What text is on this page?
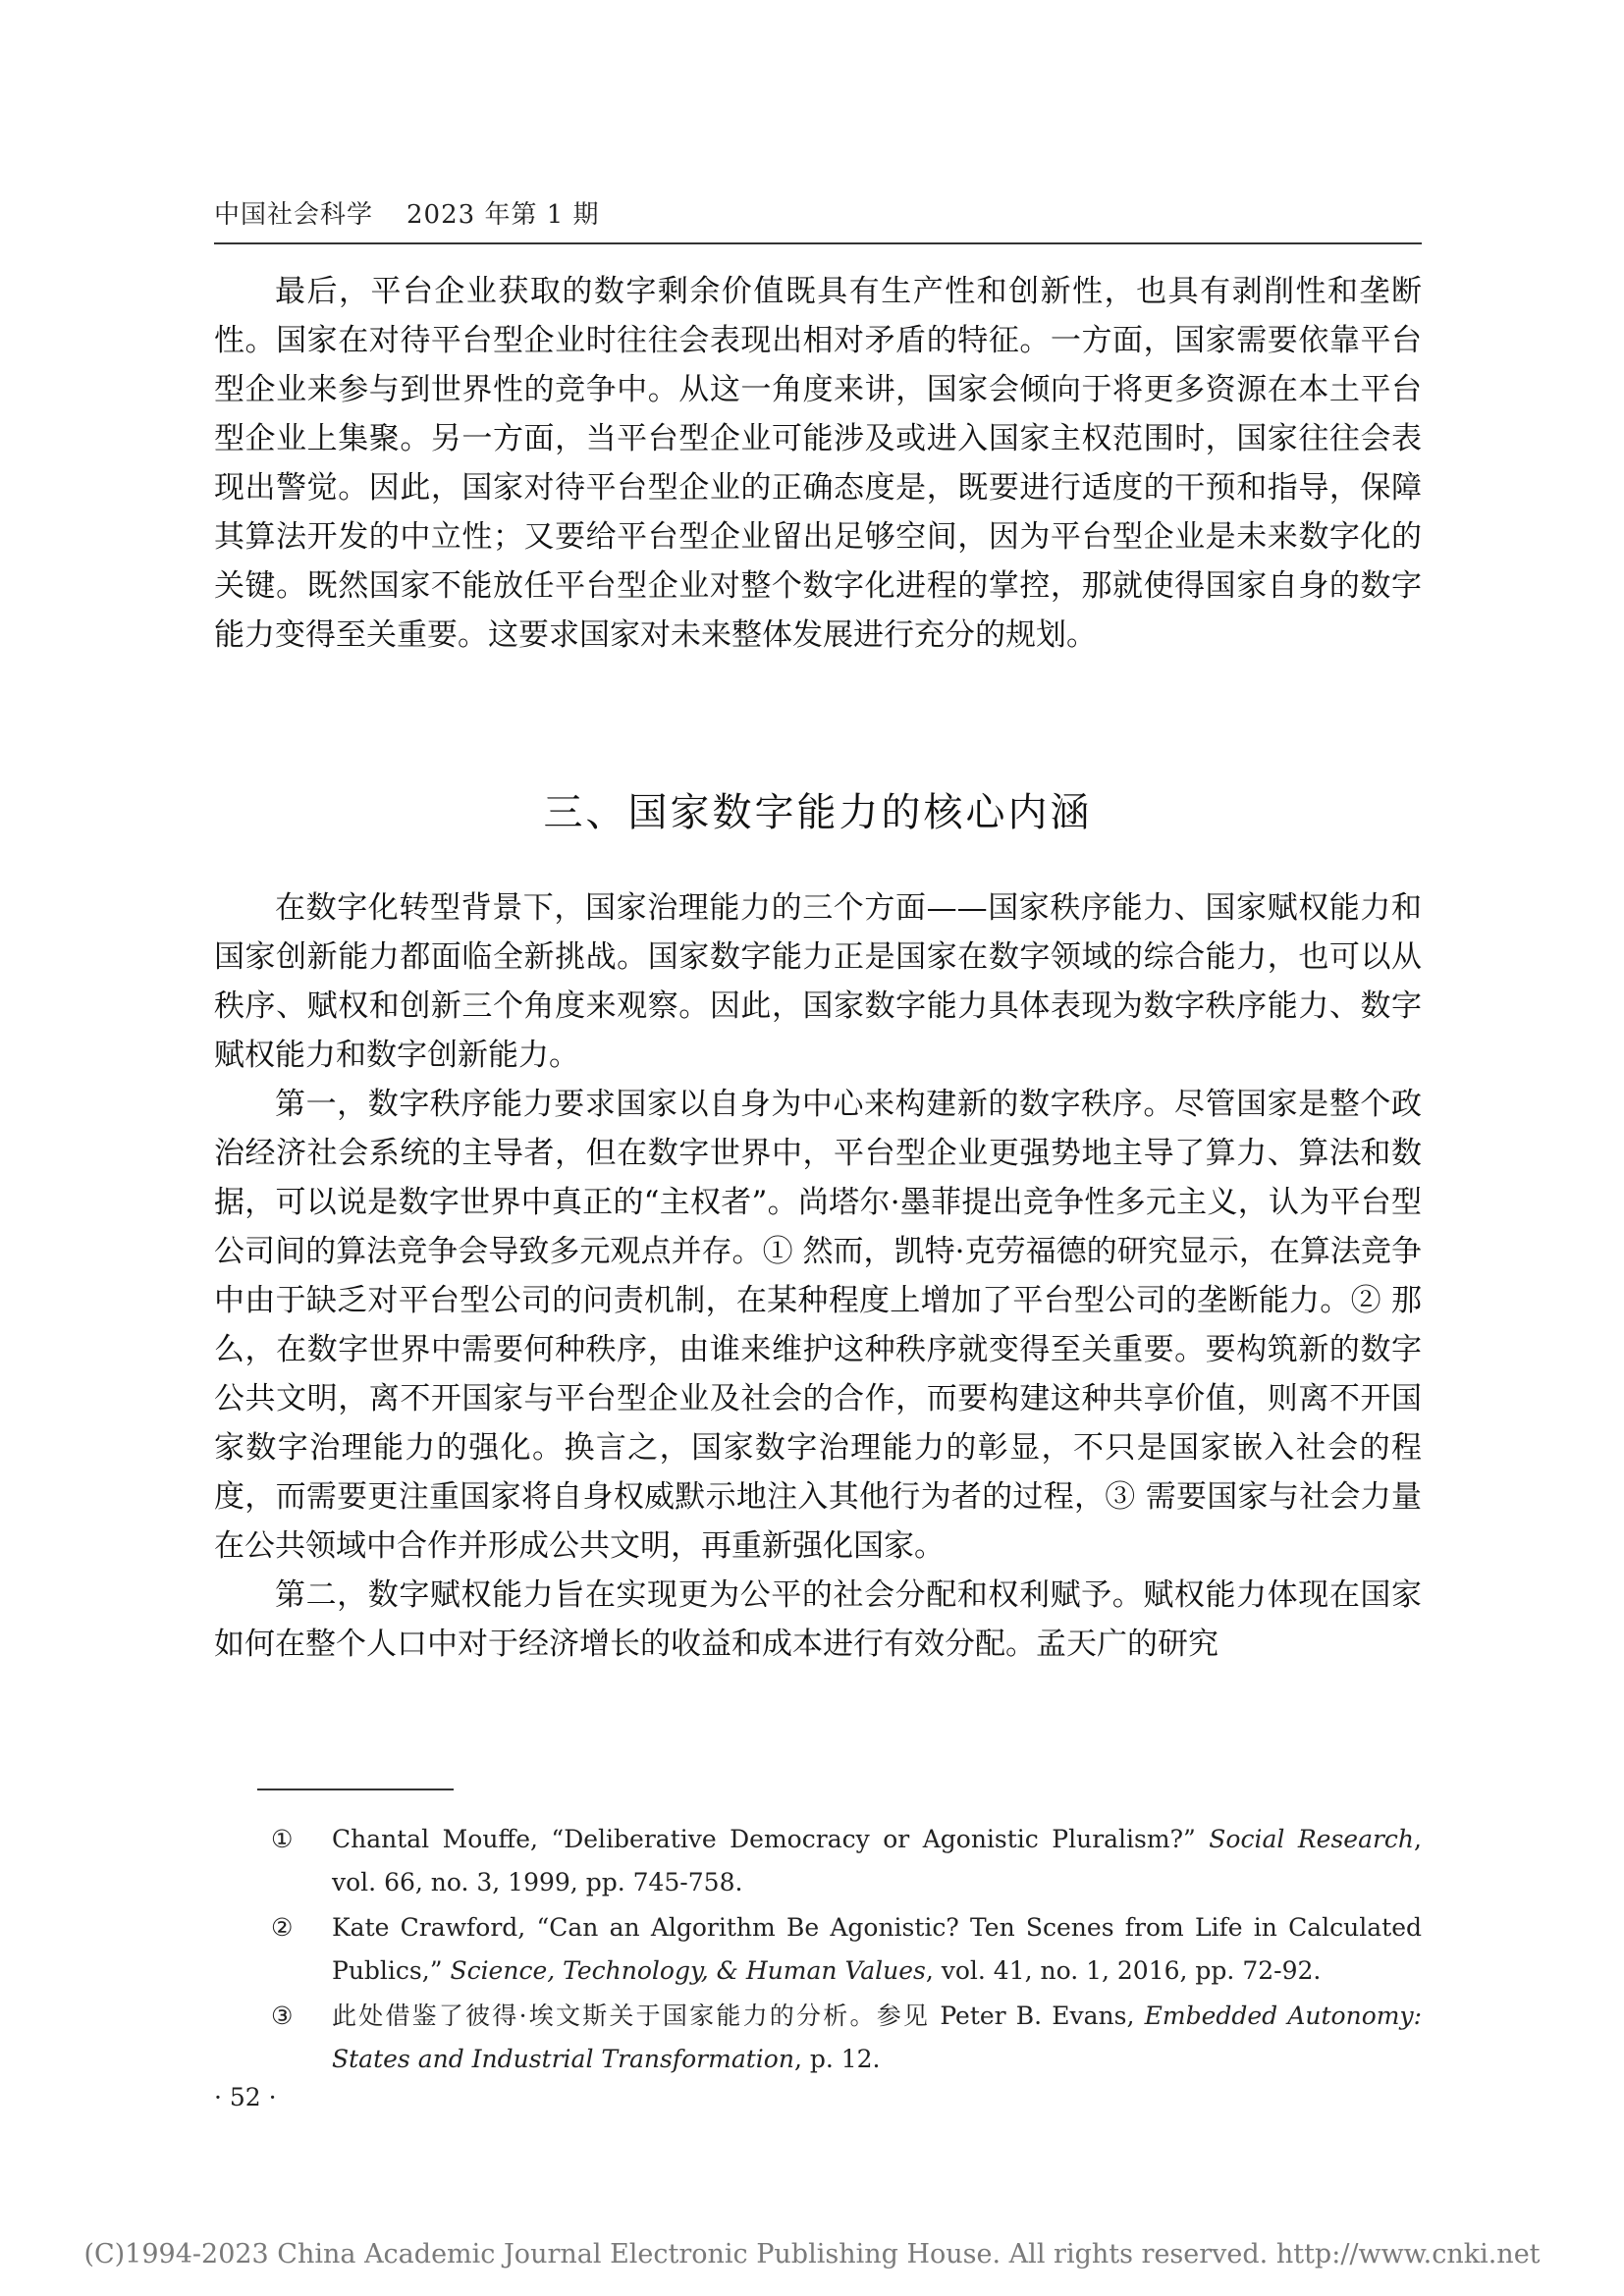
中国社会科学 2023 年第 1 期

最后，平台企业获取的数字剩余价值既具有生产性和创新性，也具有剥削性和垄断性。国家在对待平台型企业时往往会表现出相对矛盾的特征。一方面，国家需要依靠平台型企业来参与到世界性的竞争中。从这一角度来讲，国家会倾向于将更多资源在本土平台型企业上集聚。另一方面，当平台型企业可能涉及或进入国家主权范围时，国家往往会表现出警觉。因此，国家对待平台型企业的正确态度是，既要进行适度的干预和指导，保障其算法开发的中立性；又要给平台型企业留出足够空间，因为平台型企业是未来数字化的关键。既然国家不能放任平台型企业对整个数字化进程的掌控，那就使得国家自身的数字能力变得至关重要。这要求国家对未来整体发展进行充分的规划。

三、国家数字能力的核心内涵

在数字化转型背景下，国家治理能力的三个方面——国家秩序能力、国家赋权能力和国家创新能力都面临全新挑战。国家数字能力正是国家在数字领域的综合能力，也可以从秩序、赋权和创新三个角度来观察。因此，国家数字能力具体表现为数字秩序能力、数字赋权能力和数字创新能力。

第一，数字秩序能力要求国家以自身为中心来构建新的数字秩序。尽管国家是整个政治经济社会系统的主导者，但在数字世界中，平台型企业更强势地主导了算力、算法和数据，可以说是数字世界中真正的“主权者”。尚塔尔·墨菲提出竞争性多元主义，认为平台型公司间的算法竞争会导致多元观点并存。① 然而，凯特·克劳福德的研究显示，在算法竞争中由于缺乏对平台型公司的问责机制，在某种程度上增加了平台型公司的垄断能力。② 那么，在数字世界中需要何种秩序，由谁来维护这种秩序就变得至关重要。要构筑新的数字公共文明，离不开国家与平台型企业及社会的合作，而要构建这种共享价值，则离不开国家数字治理能力的强化。换言之，国家数字治理能力的彰显，不只是国家嵌入社会的程度，而需要更注重国家将自身权威默示地注入其他行为者的过程，③ 需要国家与社会力量在公共领域中合作并形成公共文明，再重新强化国家。

第二，数字赋权能力旨在实现更为公平的社会分配和权利赋予。赋权能力体现在国家如何在整个人口中对于经济增长的收益和成本进行有效分配。孟天广的研究

①	Chantal Mouffe, “Deliberative Democracy or Agonistic Pluralism?” Social Research, vol. 66, no. 3, 1999, pp. 745-758.
②	Kate Crawford, “Can an Algorithm Be Agonistic? Ten Scenes from Life in Calculated Publics,” Science, Technology, & Human Values, vol. 41, no. 1, 2016, pp. 72-92.
③	此处借鉴了彼得·埃文斯关于国家能力的分析。参见 Peter B. Evans, Embedded Autonomy: States and Industrial Transformation, p. 12.
· 52 ·
(C)1994-2023 China Academic Journal Electronic Publishing House. All rights reserved. http://www.cnki.net
